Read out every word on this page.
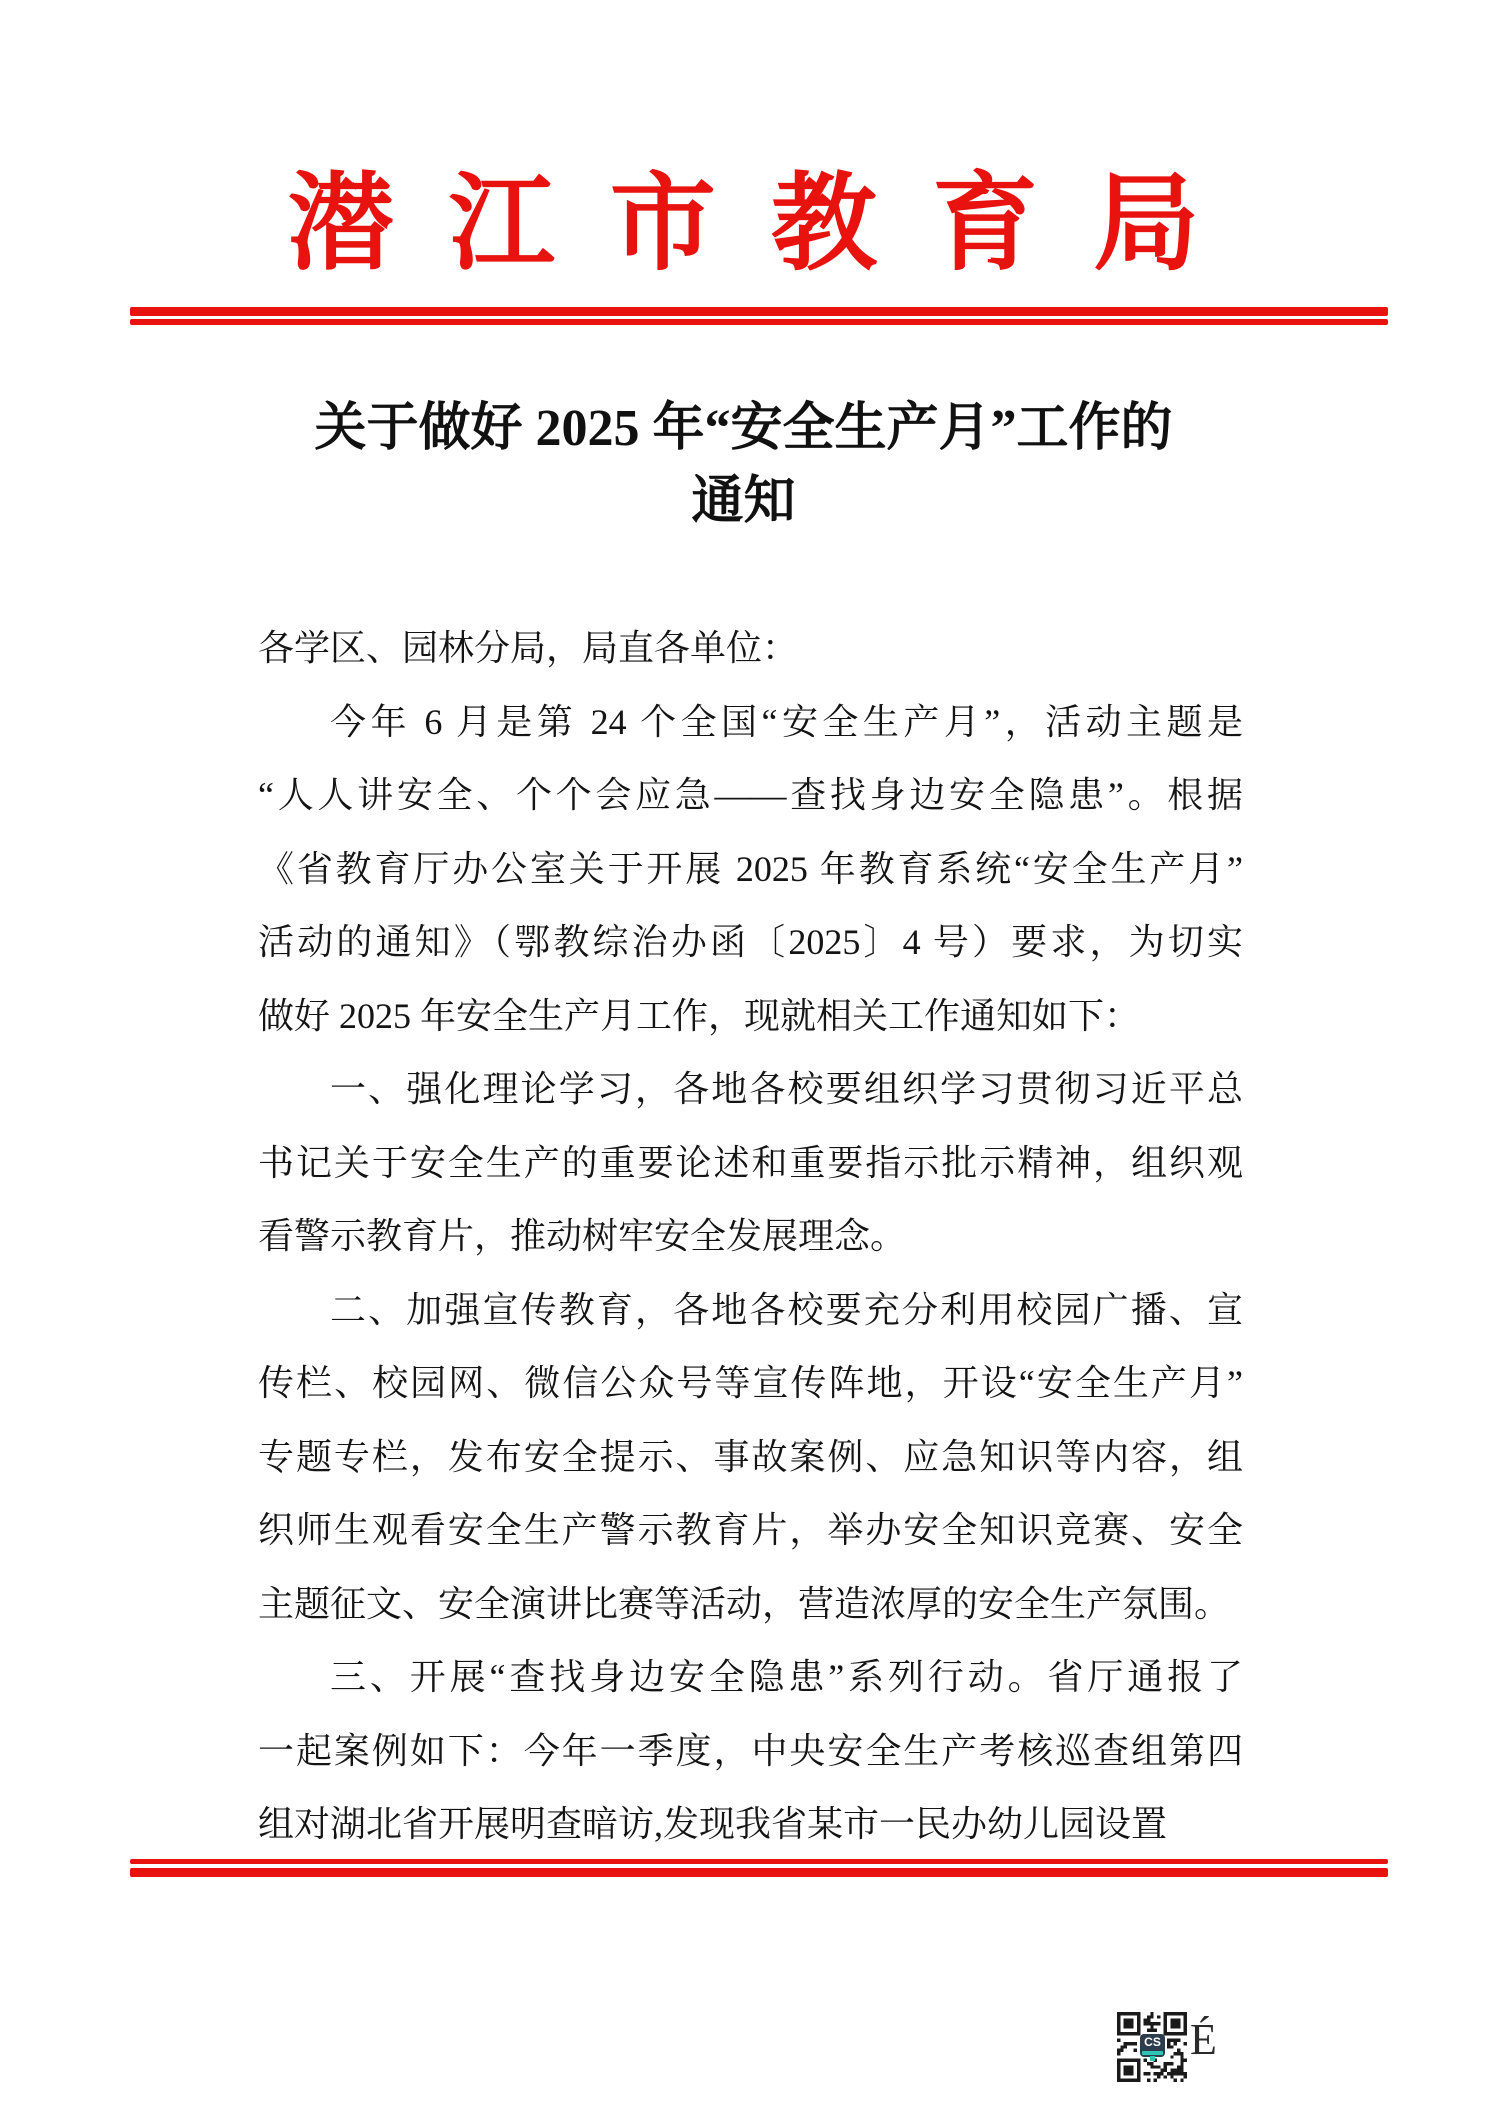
潜江市教育局
关于做好 2025 年“安全生产月”工作的
通知
各学区、园林分局，局直各单位：
今年 6 月是第 24 个全国“安全生产月”，活动主题是
“人人讲安全、个个会应急——查找身边安全隐患”。根据
《省教育厅办公室关于开展 2025 年教育系统“安全生产月”
活动的通知》（鄂教综治办函〔2025〕4 号）要求，为切实
做好 2025 年安全生产月工作，现就相关工作通知如下：
一、强化理论学习，各地各校要组织学习贯彻习近平总
书记关于安全生产的重要论述和重要指示批示精神，组织观
看警示教育片，推动树牢安全发展理念。
二、加强宣传教育，各地各校要充分利用校园广播、宣
传栏、校园网、微信公众号等宣传阵地，开设“安全生产月”
专题专栏，发布安全提示、事故案例、应急知识等内容，组
织师生观看安全生产警示教育片，举办安全知识竞赛、安全
主题征文、安全演讲比赛等活动，营造浓厚的安全生产氛围。
三、开展“查找身边安全隐患”系列行动。省厅通报了
一起案例如下：今年一季度，中央安全生产考核巡查组第四
组对湖北省开展明查暗访,发现我省某市一民办幼儿园设置
CS É
